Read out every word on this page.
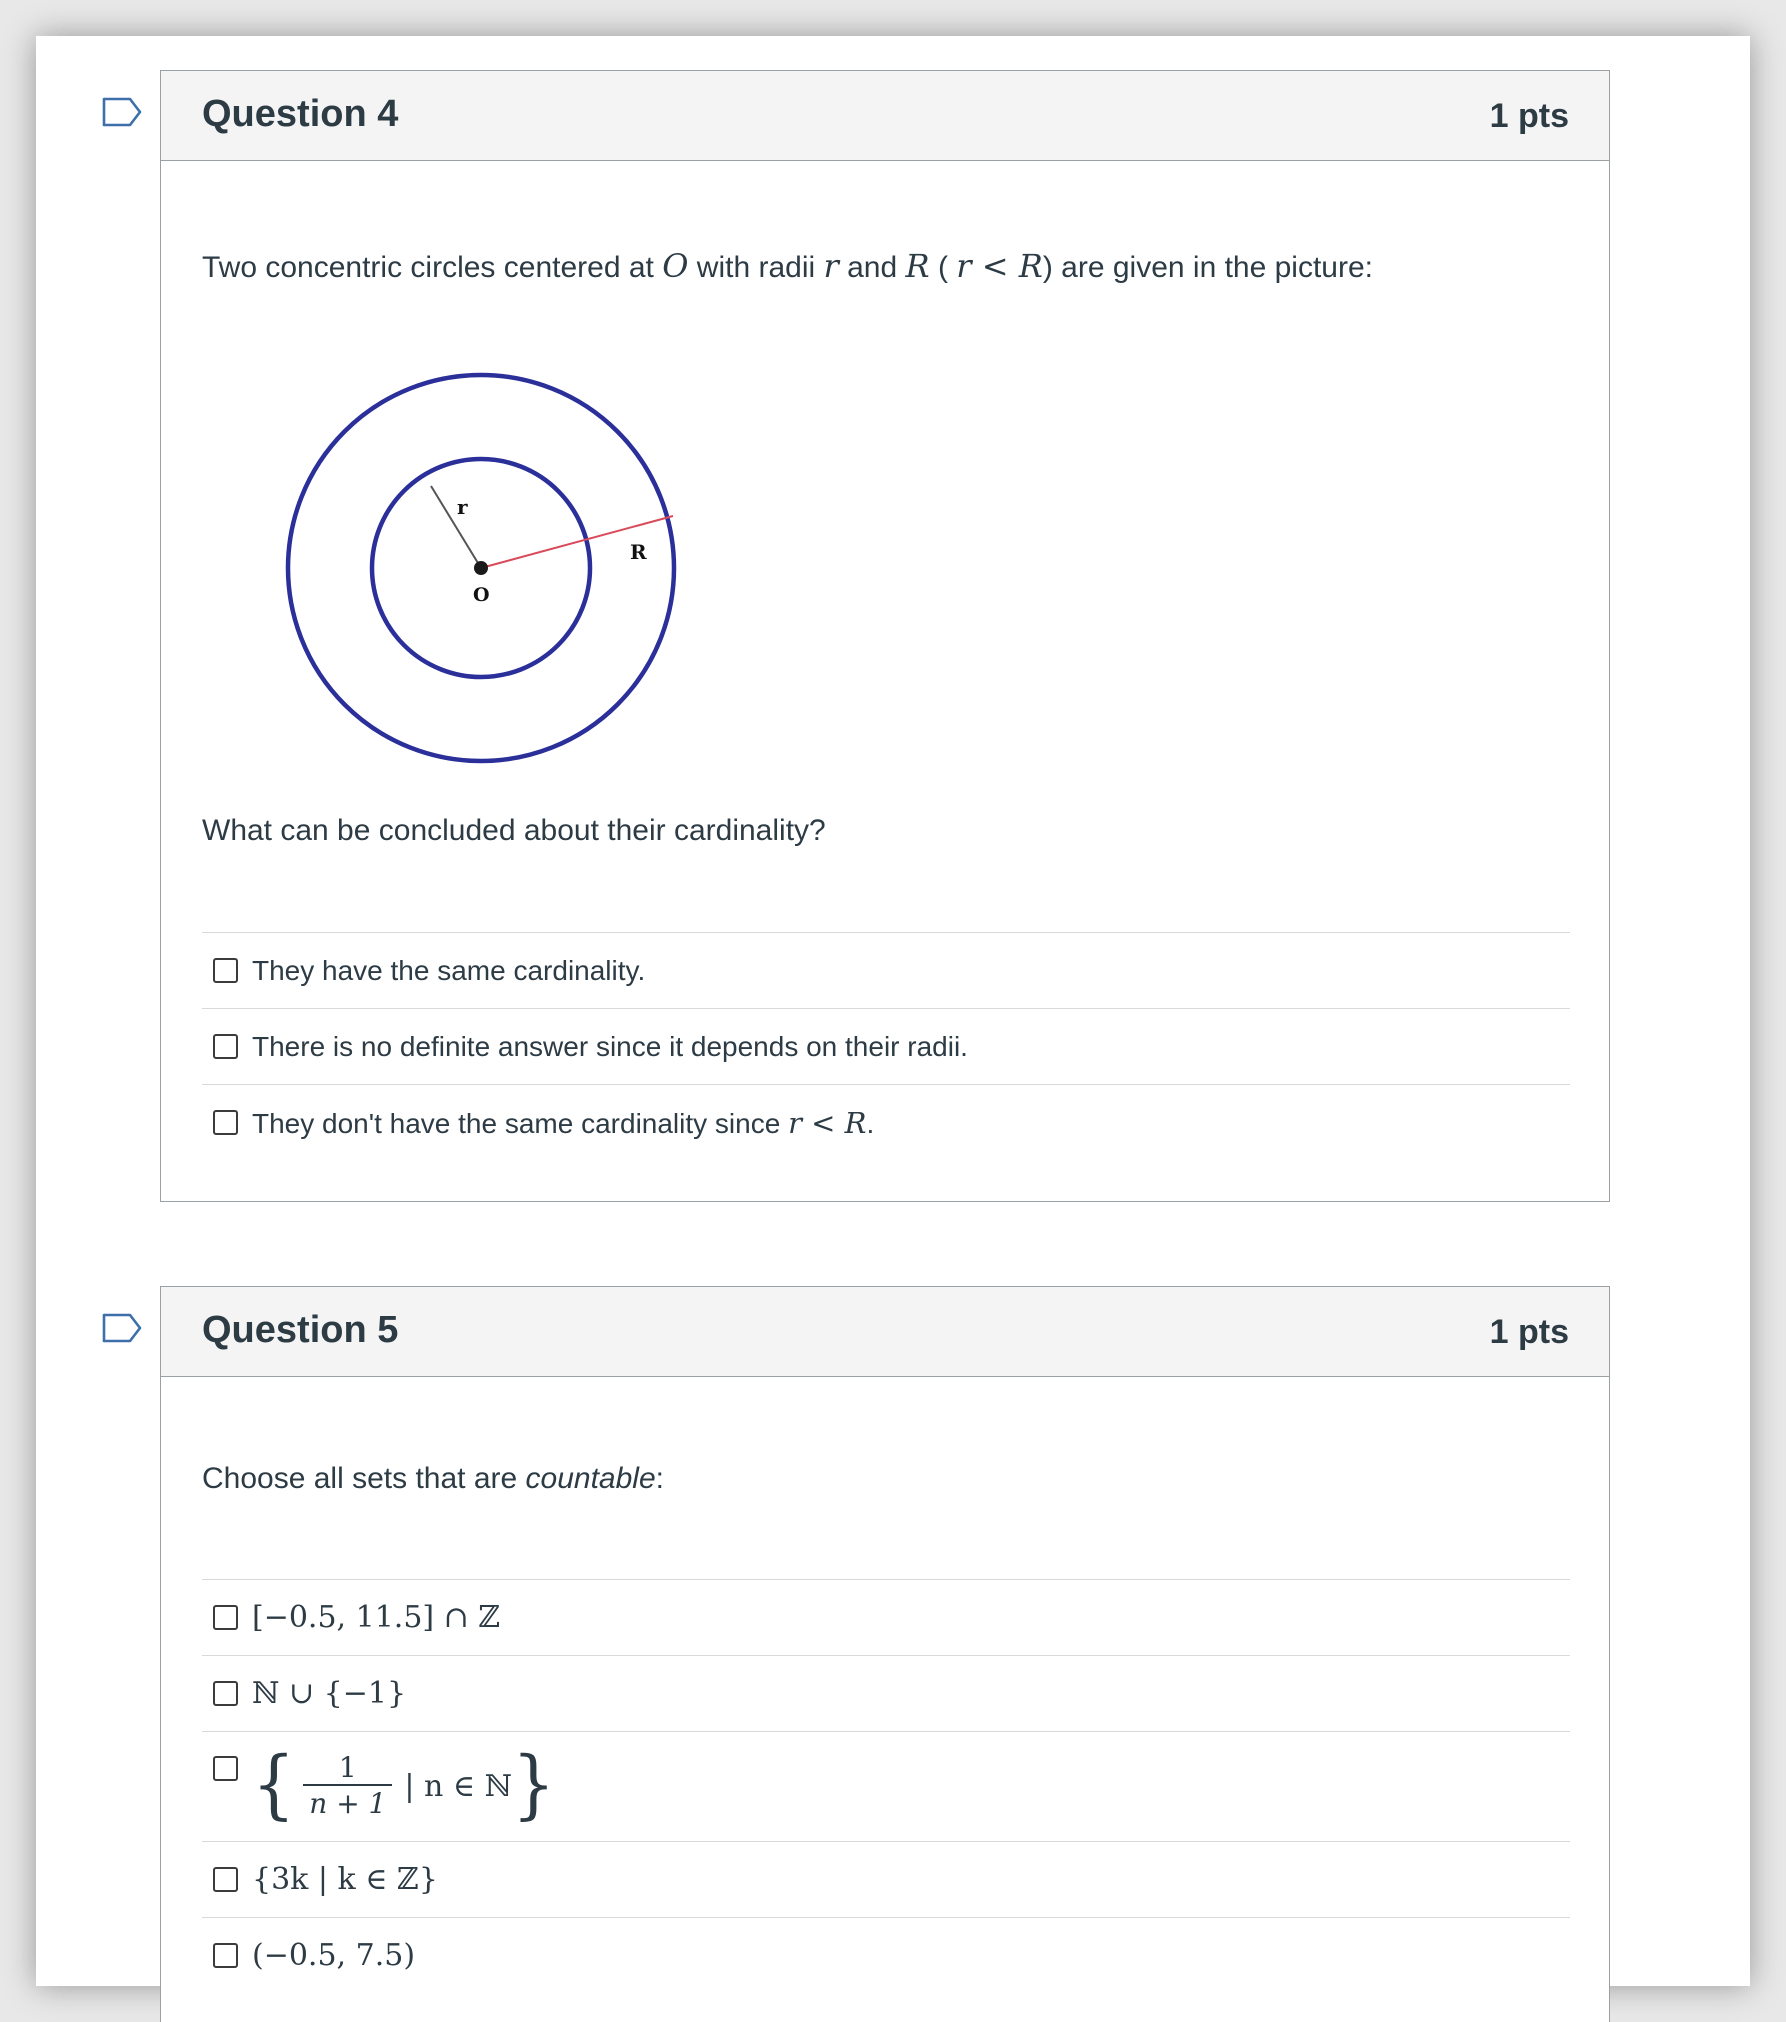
Question 4	1 pts
Two concentric circles centered at O with radii r and R ( r < R) are given in the picture:
r
R
O
What can be concluded about their cardinality?
They have the same cardinality.
There is no definite answer since it depends on their radii.
They don't have the same cardinality since r < R.
Question 5	1 pts
Choose all sets that are countable:
[−0.5, 11.5] ∩ ℤ
ℕ ∪ {−1}
{ $\frac{1}{n + 1}$ | n ∈ ℕ }
{3k | k ∈ ℤ}
(−0.5, 7.5)
